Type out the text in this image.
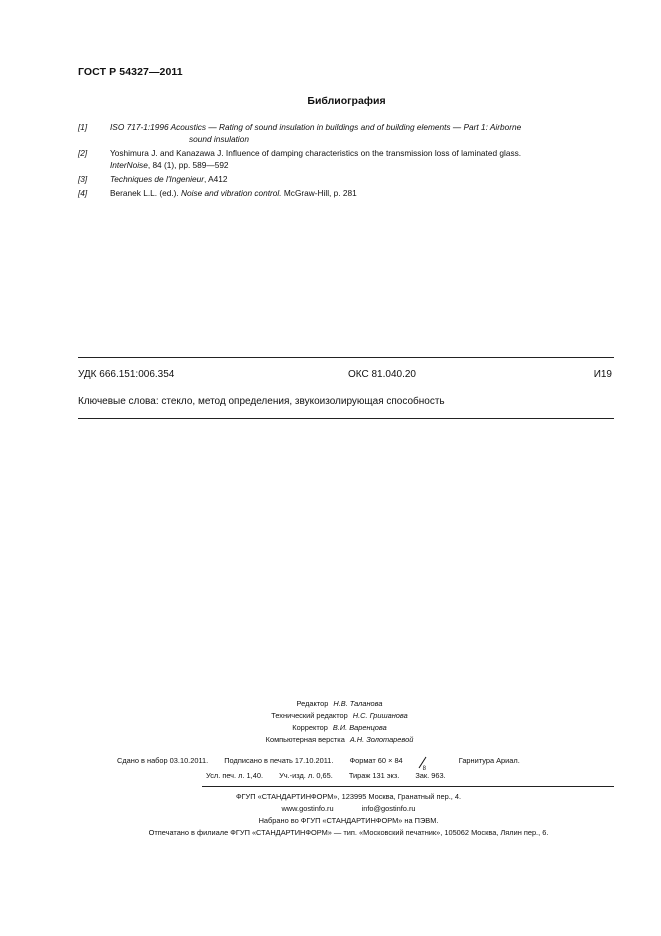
ГОСТ Р 54327—2011
Библиография
[1]	ISO 717-1:1996 Acoustics — Rating of sound insulation in buildings and of building elements — Part 1: Airborne
sound insulation
[2]	Yoshimura J. and Kanazawa J. Influence of damping characteristics on the transmission loss of laminated glass.
InterNoise, 84 (1), pp. 589—592
[3]	Techniques de l'Ingenieur, A412
[4]	Beranek L.L. (ed.). Noise and vibration control. McGraw-Hill, p. 281
УДК 666.151:006.354	ОКС 81.040.20	И19
Ключевые слова: стекло, метод определения, звукоизолирующая способность
Редактор Н.В. Таланова
Технический редактор Н.С. Гришанова
Корректор В.И. Варенцова
Компьютерная верстка А.Н. Золотаревой
Сдано в набор 03.10.2011. Подписано в печать 17.10.2011. Формат 60 × 84
8
Гарнитура Ариал.
Усл. печ. л. 1,40. Уч.-изд. л. 0,65. Тираж 131 экз. Зак. 963.
ФГУП «СТАНДАРТИНФОРМ», 123995 Москва, Гранатный пер., 4.
www.gostinfo.ru	info@gostinfo.ru
Набрано во ФГУП «СТАНДАРТИНФОРМ» на ПЭВМ.
Отпечатано в филиале ФГУП «СТАНДАРТИНФОРМ» — тип. «Московский печатник», 105062 Москва, Лялин пер., 6.
